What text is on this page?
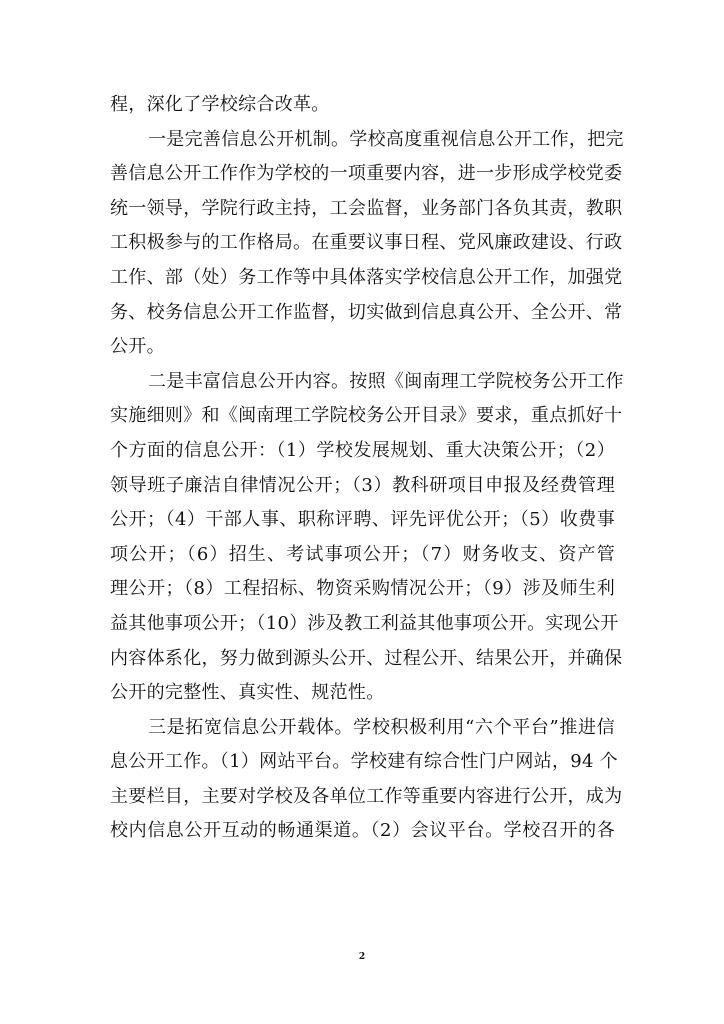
程，深化了学校综合改革。
一是完善信息公开机制。学校高度重视信息公开工作，把完
善信息公开工作作为学校的一项重要内容，进一步形成学校党委
统一领导，学院行政主持，工会监督，业务部门各负其责，教职
工积极参与的工作格局。在重要议事日程、党风廉政建设、行政
工作、部（处）务工作等中具体落实学校信息公开工作，加强党
务、校务信息公开工作监督，切实做到信息真公开、全公开、常
公开。
二是丰富信息公开内容。按照《闽南理工学院校务公开工作
实施细则》和《闽南理工学院校务公开目录》要求，重点抓好十
个方面的信息公开：（1）学校发展规划、重大决策公开；（2）
领导班子廉洁自律情况公开；（3）教科研项目申报及经费管理
公开；（4）干部人事、职称评聘、评先评优公开；（5）收费事
项公开；（6）招生、考试事项公开；（7）财务收支、资产管
理公开；（8）工程招标、物资采购情况公开；（9）涉及师生利
益其他事项公开；（10）涉及教工利益其他事项公开。实现公开
内容体系化，努力做到源头公开、过程公开、结果公开，并确保
公开的完整性、真实性、规范性。
三是拓宽信息公开载体。学校积极利用“六个平台”推进信
息公开工作。（1）网站平台。学校建有综合性门户网站，94 个
主要栏目，主要对学校及各单位工作等重要内容进行公开，成为
校内信息公开互动的畅通渠道。（2）会议平台。学校召开的各
2
